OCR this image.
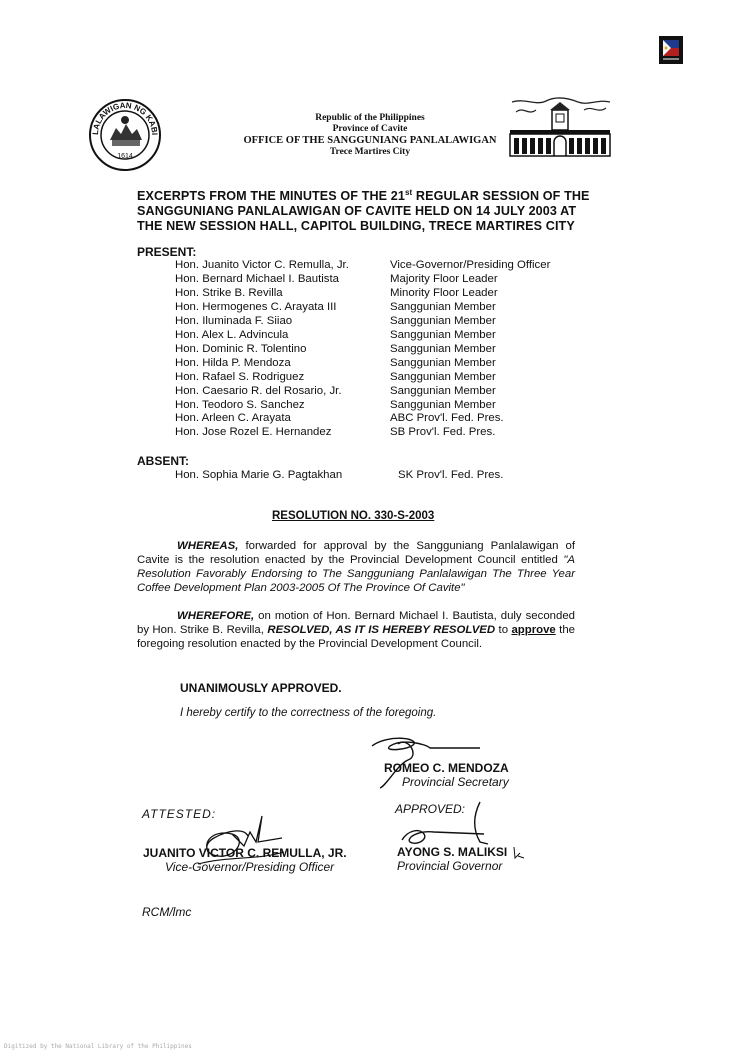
PALALAWIGAN NG KABITE
1614
Republic of the Philippines
Province of Cavite
OFFICE OF THE SANGGUNIANG PANLALAWIGAN
Trece Martires City
EXCERPTS FROM THE MINUTES OF THE 21st REGULAR SESSION OF THE
SANGGUNIANG PANLALAWIGAN OF CAVITE HELD ON 14 JULY 2003 AT
THE NEW SESSION HALL, CAPITOL BUILDING, TRECE MARTIRES CITY
PRESENT:
Hon. Juanito Victor C. Remulla, Jr.	Vice-Governor/Presiding Officer
Hon. Bernard Michael I. Bautista	Majority Floor Leader
Hon. Strike B. Revilla	Minority Floor Leader
Hon. Hermogenes C. Arayata III	Sanggunian Member
Hon. Iluminada F. Siiao	Sanggunian Member
Hon. Alex L. Advincula	Sanggunian Member
Hon. Dominic R. Tolentino	Sanggunian Member
Hon. Hilda P. Mendoza	Sanggunian Member
Hon. Rafael S. Rodriguez	Sanggunian Member
Hon. Caesario R. del Rosario, Jr.	Sanggunian Member
Hon. Teodoro S. Sanchez	Sanggunian Member
Hon. Arleen C. Arayata	ABC Prov'l. Fed. Pres.
Hon. Jose Rozel E. Hernandez	SB Prov'l. Fed. Pres.
ABSENT:
Hon. Sophia Marie G. Pagtakhan	SK Prov'l. Fed. Pres.
RESOLUTION NO. 330-S-2003
WHEREAS, forwarded for approval by the Sangguniang Panlalawigan of Cavite is the resolution enacted by the Provincial Development Council entitled "A Resolution Favorably Endorsing to The Sangguniang Panlalawigan The Three Year Coffee Development Plan 2003-2005 Of The Province Of Cavite"
WHEREFORE, on motion of Hon. Bernard Michael I. Bautista, duly seconded by Hon. Strike B. Revilla, RESOLVED, AS IT IS HEREBY RESOLVED to approve the foregoing resolution enacted by the Provincial Development Council.
UNANIMOUSLY APPROVED.
I hereby certify to the correctness of the foregoing.
ROMEO C. MENDOZA
Provincial Secretary
ATTESTED:	APPROVED:
JUANITO VICTOR C. REMULLA, JR.
Vice-Governor/Presiding Officer
AYONG S. MALIKSI
Provincial Governor
RCM/lmc
Digitized by the National Library of the Philippines
